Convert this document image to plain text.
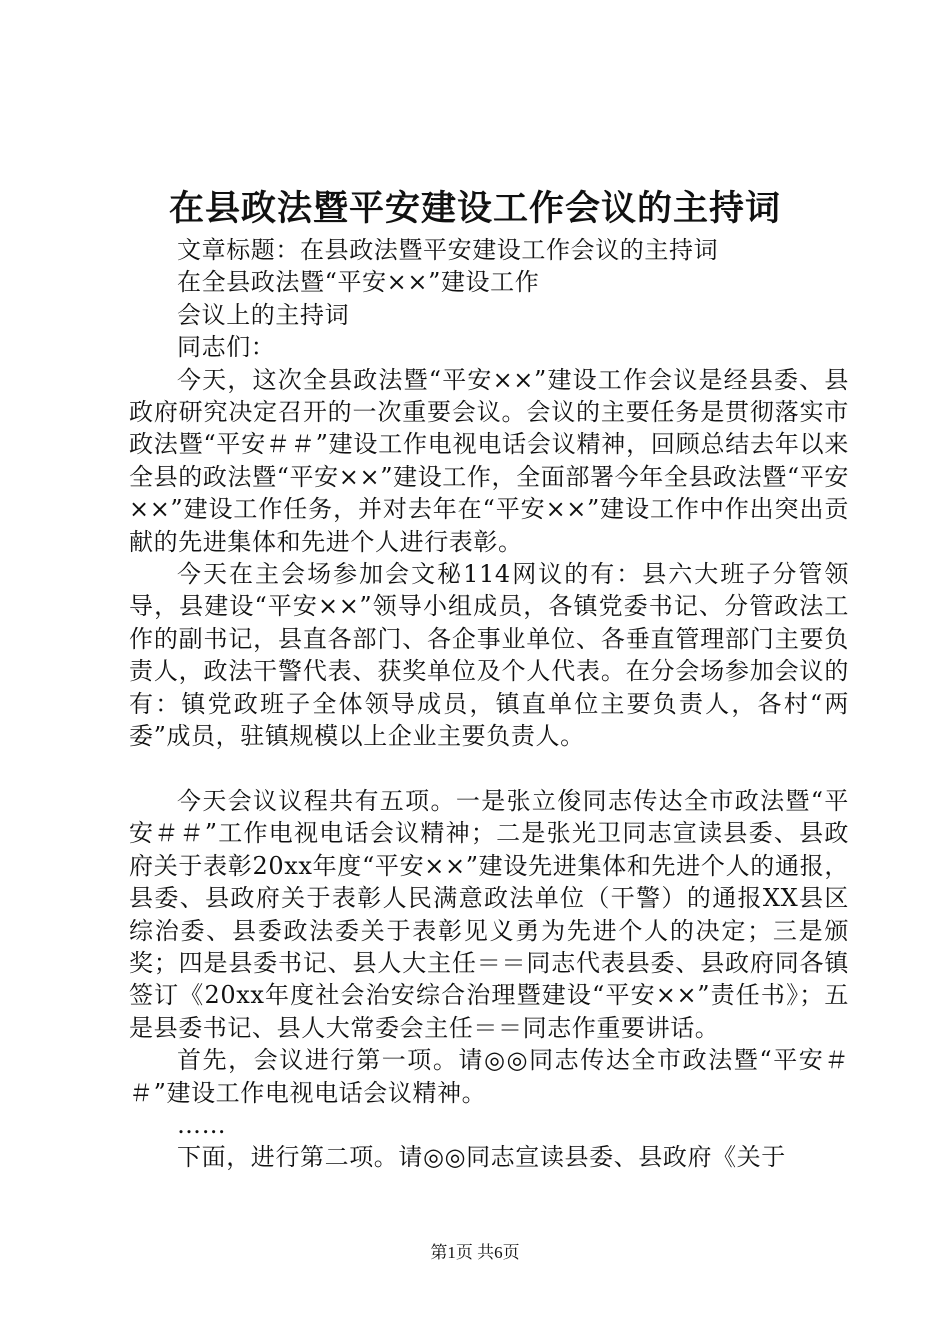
在县政法暨平安建设工作会议的主持词

文章标题：在县政法暨平安建设工作会议的主持词

在全县政法暨“平安××”建设工作

会议上的主持词

同志们：

今天，这次全县政法暨“平安××”建设工作会议是经县委、县政府研究决定召开的一次重要会议。会议的主要任务是贯彻落实市政法暨“平安＃＃”建设工作电视电话会议精神，回顾总结去年以来全县的政法暨“平安××”建设工作，全面部署今年全县政法暨“平安××”建设工作任务，并对去年在“平安××”建设工作中作出突出贡献的先进集体和先进个人进行表彰。

今天在主会场参加会文秘114网议的有：县六大班子分管领导，县建设“平安××”领导小组成员，各镇党委书记、分管政法工作的副书记，县直各部门、各企事业单位、各垂直管理部门主要负责人，政法干警代表、获奖单位及个人代表。在分会场参加会议的有：镇党政班子全体领导成员，镇直单位主要负责人，各村“两委”成员，驻镇规模以上企业主要负责人。

今天会议议程共有五项。一是张立俊同志传达全市政法暨“平安＃＃”工作电视电话会议精神；二是张光卫同志宣读县委、县政府关于表彰20xx年度“平安××”建设先进集体和先进个人的通报，县委、县政府关于表彰人民满意政法单位（干警）的通报XX县区综治委、县委政法委关于表彰见义勇为先进个人的决定；三是颁奖；四是县委书记、县人大主任＝＝同志代表县委、县政府同各镇签订《20xx年度社会治安综合治理暨建设“平安××”责任书》；五是县委书记、县人大常委会主任＝＝同志作重要讲话。

首先，会议进行第一项。请◎◎同志传达全市政法暨“平安＃＃”建设工作电视电话会议精神。

……

下面，进行第二项。请◎◎同志宣读县委、县政府《关于

第1页 共6页
